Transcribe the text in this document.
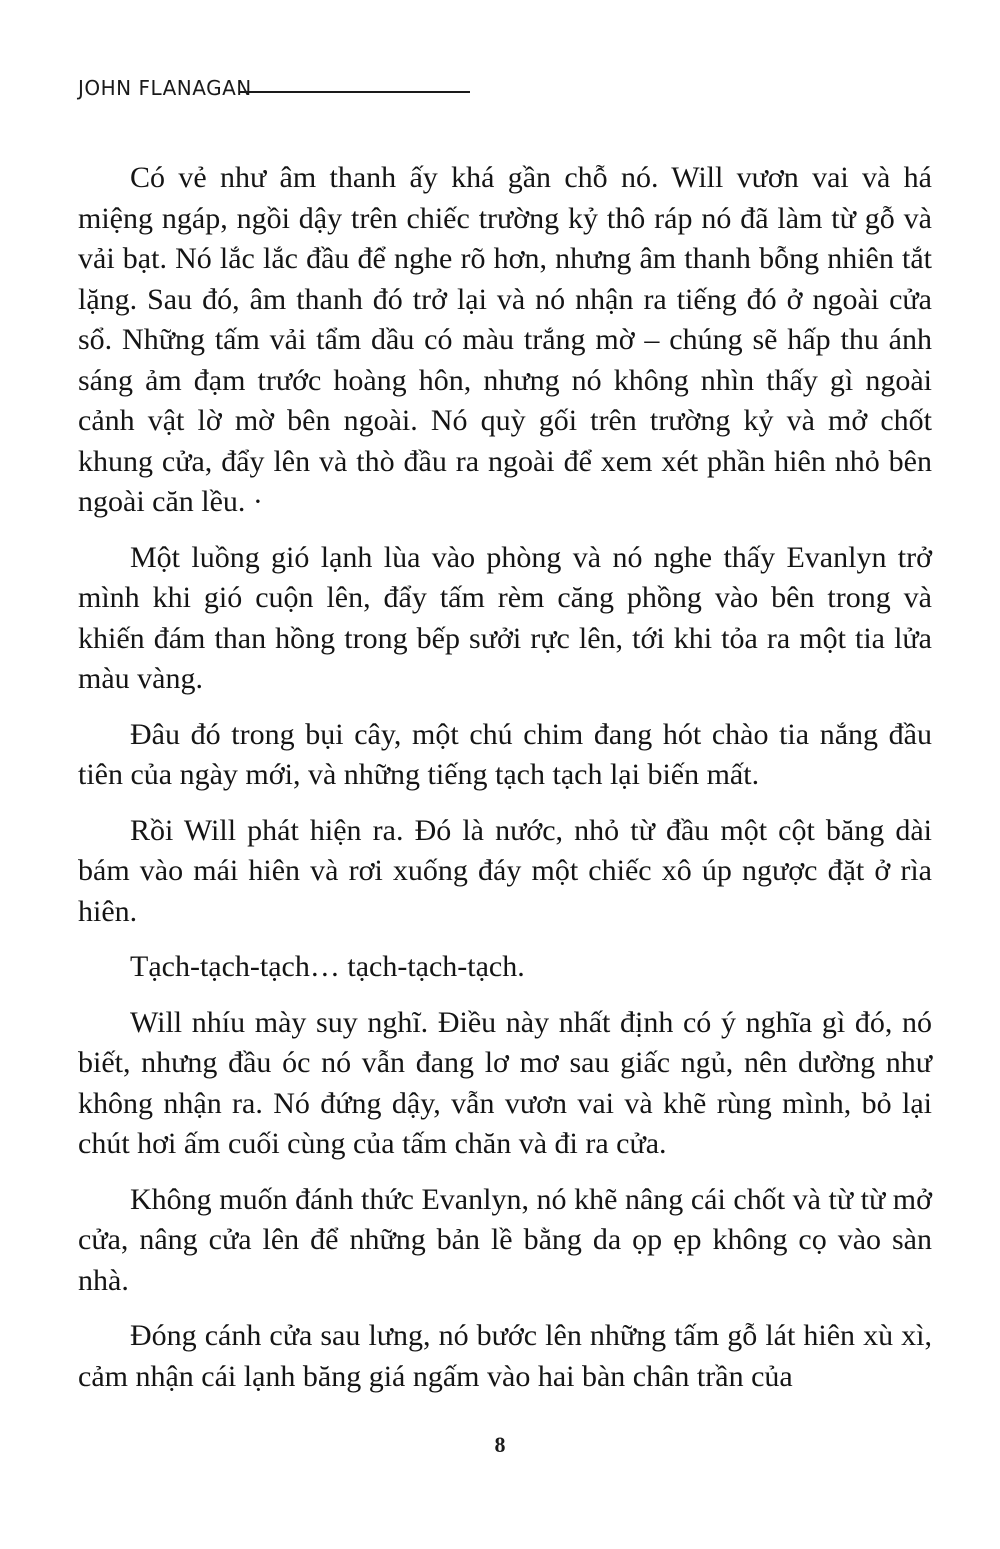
JOHN FLANAGAN

Có vẻ như âm thanh ấy khá gần chỗ nó. Will vươn vai và há miệng ngáp, ngồi dậy trên chiếc trường kỷ thô ráp nó đã làm từ gỗ và vải bạt. Nó lắc lắc đầu để nghe rõ hơn, nhưng âm thanh bỗng nhiên tắt lặng. Sau đó, âm thanh đó trở lại và nó nhận ra tiếng đó ở ngoài cửa sổ. Những tấm vải tẩm dầu có màu trắng mờ – chúng sẽ hấp thu ánh sáng ảm đạm trước hoàng hôn, nhưng nó không nhìn thấy gì ngoài cảnh vật lờ mờ bên ngoài. Nó quỳ gối trên trường kỷ và mở chốt khung cửa, đẩy lên và thò đầu ra ngoài để xem xét phần hiên nhỏ bên ngoài căn lều. ·

Một luồng gió lạnh lùa vào phòng và nó nghe thấy Evanlyn trở mình khi gió cuộn lên, đẩy tấm rèm căng phồng vào bên trong và khiến đám than hồng trong bếp sưởi rực lên, tới khi tỏa ra một tia lửa màu vàng.

Đâu đó trong bụi cây, một chú chim đang hót chào tia nắng đầu tiên của ngày mới, và những tiếng tạch tạch lại biến mất.

Rồi Will phát hiện ra. Đó là nước, nhỏ từ đầu một cột băng dài bám vào mái hiên và rơi xuống đáy một chiếc xô úp ngược đặt ở rìa hiên.

Tạch-tạch-tạch… tạch-tạch-tạch.

Will nhíu mày suy nghĩ. Điều này nhất định có ý nghĩa gì đó, nó biết, nhưng đầu óc nó vẫn đang lơ mơ sau giấc ngủ, nên dường như không nhận ra. Nó đứng dậy, vẫn vươn vai và khẽ rùng mình, bỏ lại chút hơi ấm cuối cùng của tấm chăn và đi ra cửa.

Không muốn đánh thức Evanlyn, nó khẽ nâng cái chốt và từ từ mở cửa, nâng cửa lên để những bản lề bằng da ọp ẹp không cọ vào sàn nhà.

Đóng cánh cửa sau lưng, nó bước lên những tấm gỗ lát hiên xù xì, cảm nhận cái lạnh băng giá ngấm vào hai bàn chân trần của

8
